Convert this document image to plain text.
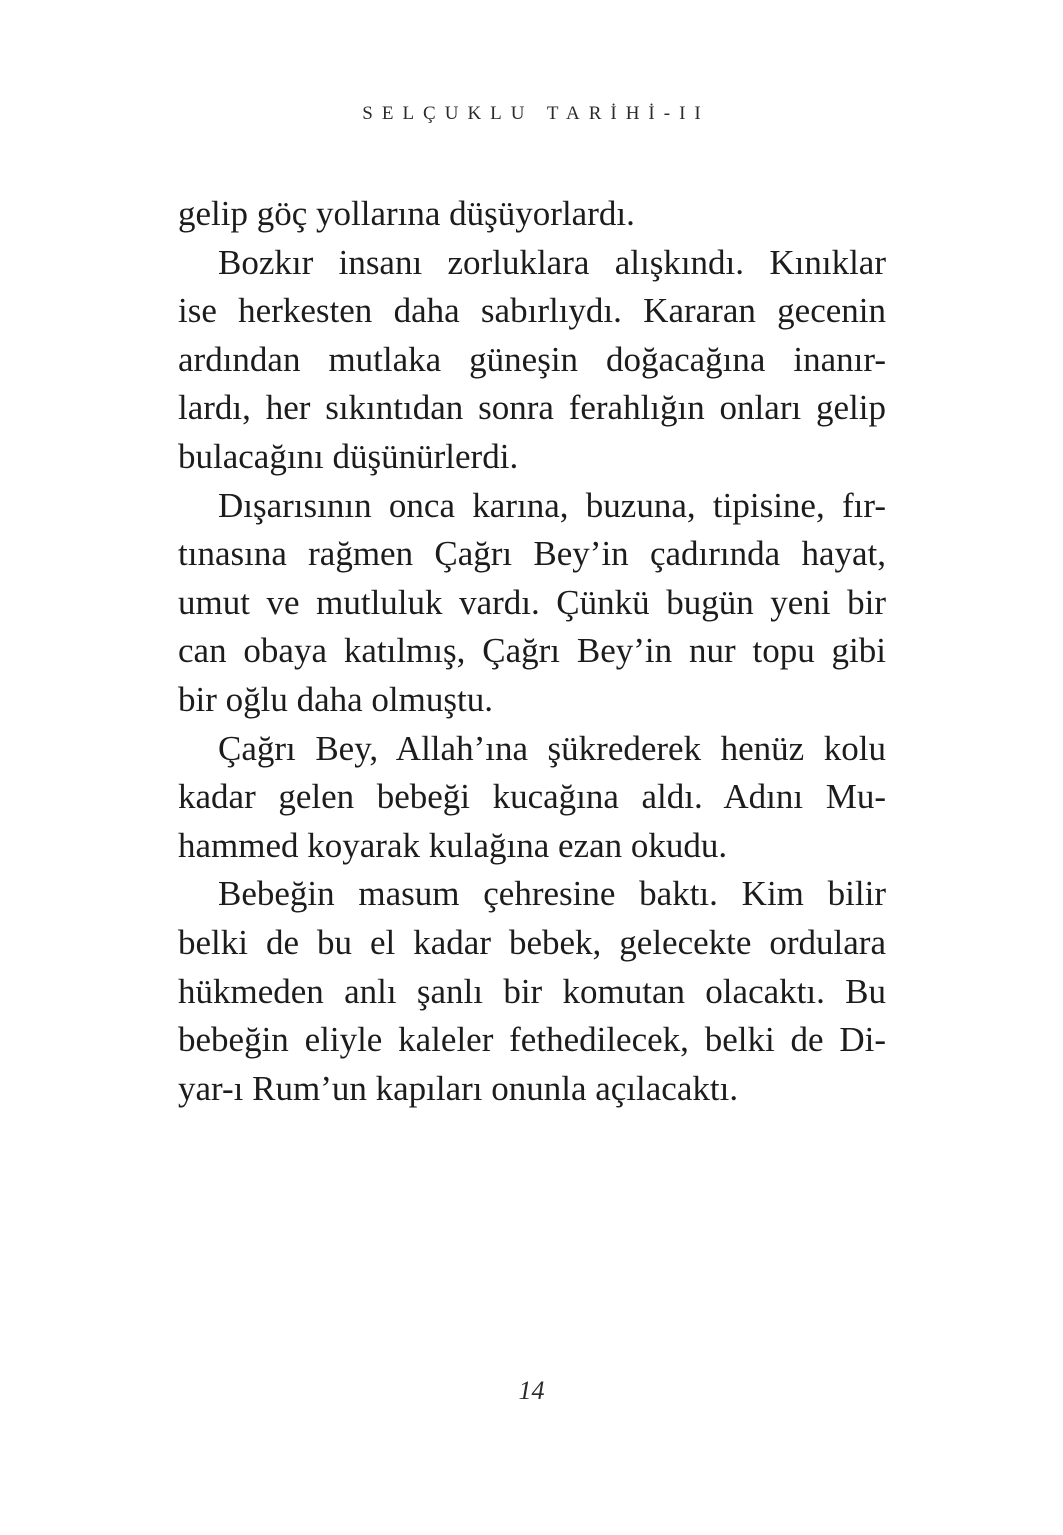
SELÇUKLU TARİHİ-II
gelip göç yollarına düşüyorlardı.
Bozkır insanı zorluklara alışkındı. Kınıklar
ise herkesten daha sabırlıydı. Kararan gecenin
ardından mutlaka güneşin doğacağına inanır-
lardı, her sıkıntıdan sonra ferahlığın onları gelip
bulacağını düşünürlerdi.
Dışarısının onca karına, buzuna, tipisine, fır-
tınasına rağmen Çağrı Bey’in çadırında hayat,
umut ve mutluluk vardı. Çünkü bugün yeni bir
can obaya katılmış, Çağrı Bey’in nur topu gibi
bir oğlu daha olmuştu.
Çağrı Bey, Allah’ına şükrederek henüz kolu
kadar gelen bebeği kucağına aldı. Adını Mu-
hammed koyarak kulağına ezan okudu.
Bebeğin masum çehresine baktı. Kim bilir
belki de bu el kadar bebek, gelecekte ordulara
hükmeden anlı şanlı bir komutan olacaktı. Bu
bebeğin eliyle kaleler fethedilecek, belki de Di-
yar-ı Rum’un kapıları onunla açılacaktı.
14
